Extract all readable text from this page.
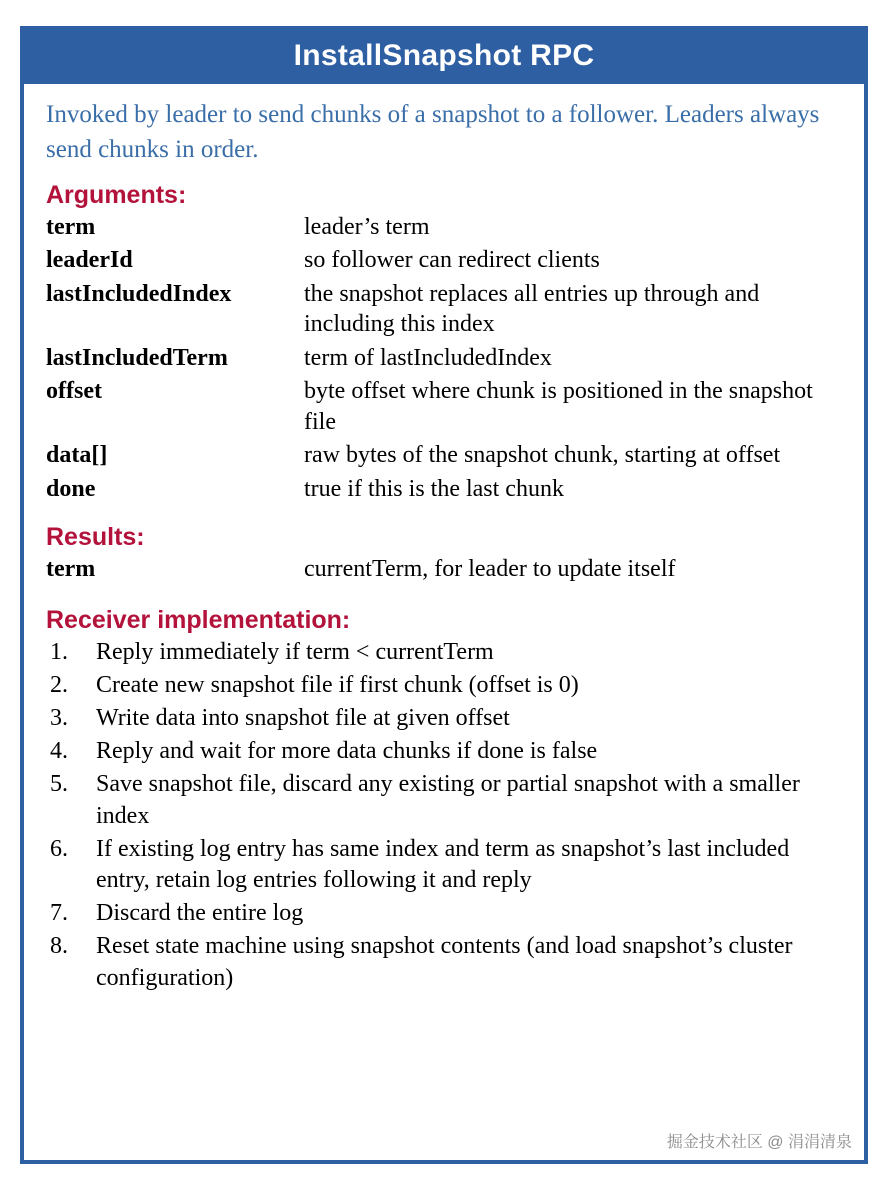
InstallSnapshot RPC
Invoked by leader to send chunks of a snapshot to a follower. Leaders always send chunks in order.
Arguments:
term	leader’s term
leaderId	so follower can redirect clients
lastIncludedIndex	the snapshot replaces all entries up through and including this index
lastIncludedTerm	term of lastIncludedIndex
offset	byte offset where chunk is positioned in the snapshot file
data[]	raw bytes of the snapshot chunk, starting at offset
done	true if this is the last chunk
Results:
term	currentTerm, for leader to update itself
Receiver implementation:
1.	Reply immediately if term < currentTerm
2.	Create new snapshot file if first chunk (offset is 0)
3.	Write data into snapshot file at given offset
4.	Reply and wait for more data chunks if done is false
5.	Save snapshot file, discard any existing or partial snapshot with a smaller index
6.	If existing log entry has same index and term as snapshot’s last included entry, retain log entries following it and reply
7.	Discard the entire log
8.	Reset state machine using snapshot contents (and load snapshot’s cluster configuration)
掘金技术社区 @ 涓涓清泉
